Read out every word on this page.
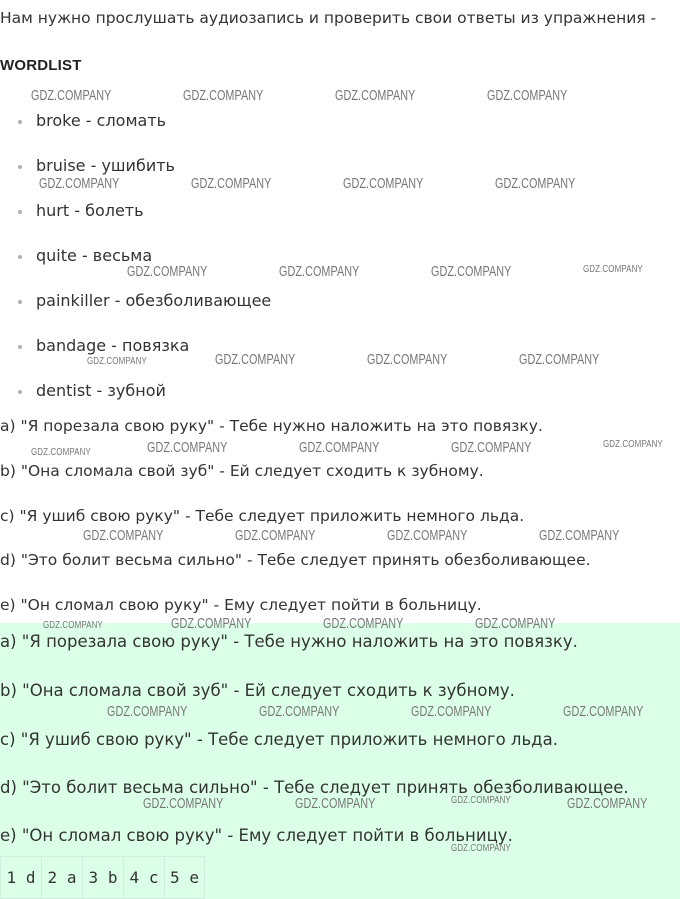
Нам нужно прослушать аудиозапись и проверить свои ответы из упражнения -

WORDLIST
broke - сломать
bruise - ушибить
hurt - болеть
quite - весьма
painkiller - обезболивающее
bandage - повязка
dentist - зубной

a) "Я порезала свою руку" - Тебе нужно наложить на это повязку.

b) "Она сломала свой зуб" - Ей следует сходить к зубному.

c) "Я ушиб свою руку" - Тебе следует приложить немного льда.

d) "Это болит весьма сильно" - Тебе следует принять обезболивающее.

e) "Он сломал свою руку" - Ему следует пойти в больницу.

a) "Я порезала свою руку" - Тебе нужно наложить на это повязку.

b) "Она сломала свой зуб" - Ей следует сходить к зубному.

c) "Я ушиб свою руку" - Тебе следует приложить немного льда.

d) "Это болит весьма сильно" - Тебе следует принять обезболивающее.

e) "Он сломал свою руку" - Ему следует пойти в больницу.

1 d 2 a 3 b 4 c 5 e
GDZ.COMPANY	GDZ.COMPANY	GDZ.COMPANY	GDZ.COMPANY
GDZ.COMPANY	GDZ.COMPANY	GDZ.COMPANY	GDZ.COMPANY
GDZ.COMPANY	GDZ.COMPANY	GDZ.COMPANY	GDZ.COMPANY
GDZ.COMPANY	GDZ.COMPANY	GDZ.COMPANY	GDZ.COMPANY
GDZ.COMPANY	GDZ.COMPANY	GDZ.COMPANY	GDZ.COMPANY	GDZ.COMPANY
GDZ.COMPANY	GDZ.COMPANY	GDZ.COMPANY	GDZ.COMPANY
GDZ.COMPANY	GDZ.COMPANY	GDZ.COMPANY	GDZ.COMPANY
GDZ.COMPANY	GDZ.COMPANY	GDZ.COMPANY	GDZ.COMPANY
GDZ.COMPANY	GDZ.COMPANY	GDZ.COMPANY	GDZ.COMPANY
GDZ.COMPANY
